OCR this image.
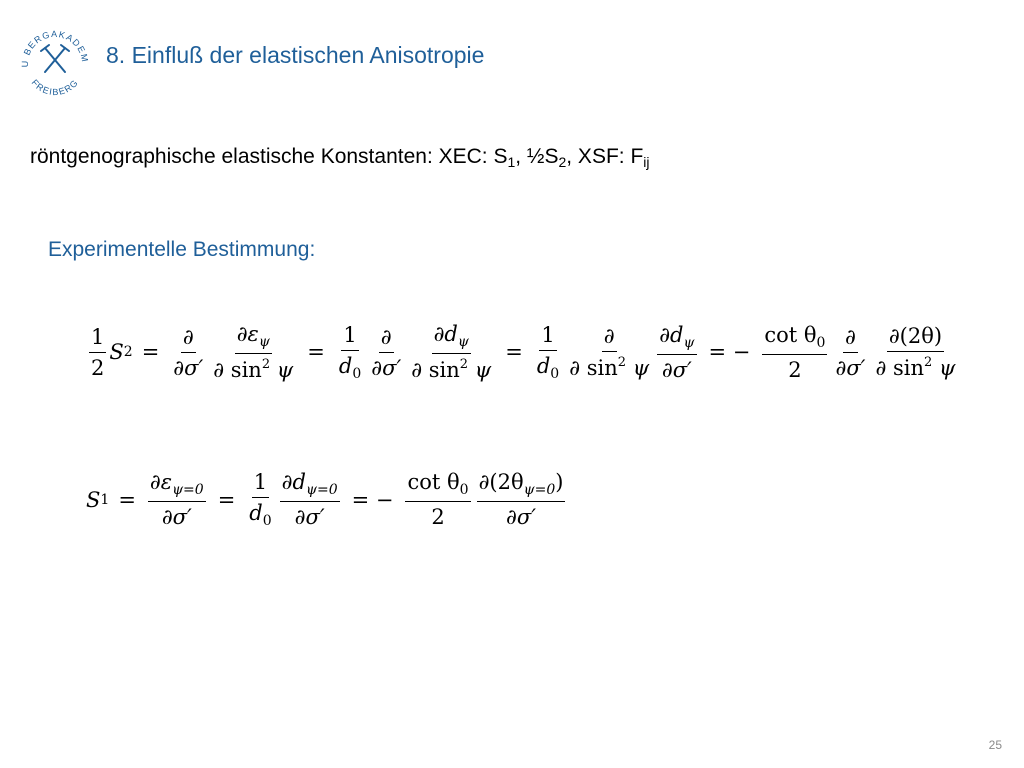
U BERGAKADEM
FREIBERG
8. Einfluß der elastischen Anisotropie
röntgenographische elastische Konstanten: XEC: $S_1$, $\frac{1}{2}S_2$, XSF: $F_{ij}$
Experimentelle Bestimmung:
$\frac{1}{2}$ S $2 = \frac{\partial}{\partial\sigma'} \frac{\partial\varepsilon_\psi}{\partial \sin^2 \psi} = \frac{1}{d_0} \frac{\partial}{\partial\sigma'} \frac{\partial d_\psi}{\partial \sin^2 \psi} = \frac{1}{d_0} \frac{\partial}{\partial \sin^2 \psi} \frac{\partial d_\psi}{\partial\sigma'}$ = − $\frac{\cot \theta_0}{2} \frac{\partial}{\partial\sigma'} \frac{\partial(2\theta)}{\partial \sin^2 \psi}$
S $1 = \frac{\partial\varepsilon_{\psi=0}}{\partial\sigma'} = \frac{1}{d_0} \frac{\partial d_{\psi=0}}{\partial\sigma'}$ = − $\frac{\cot \theta_0}{2} \frac{\partial(2\theta_{\psi=0})}{\partial\sigma'}$
25
